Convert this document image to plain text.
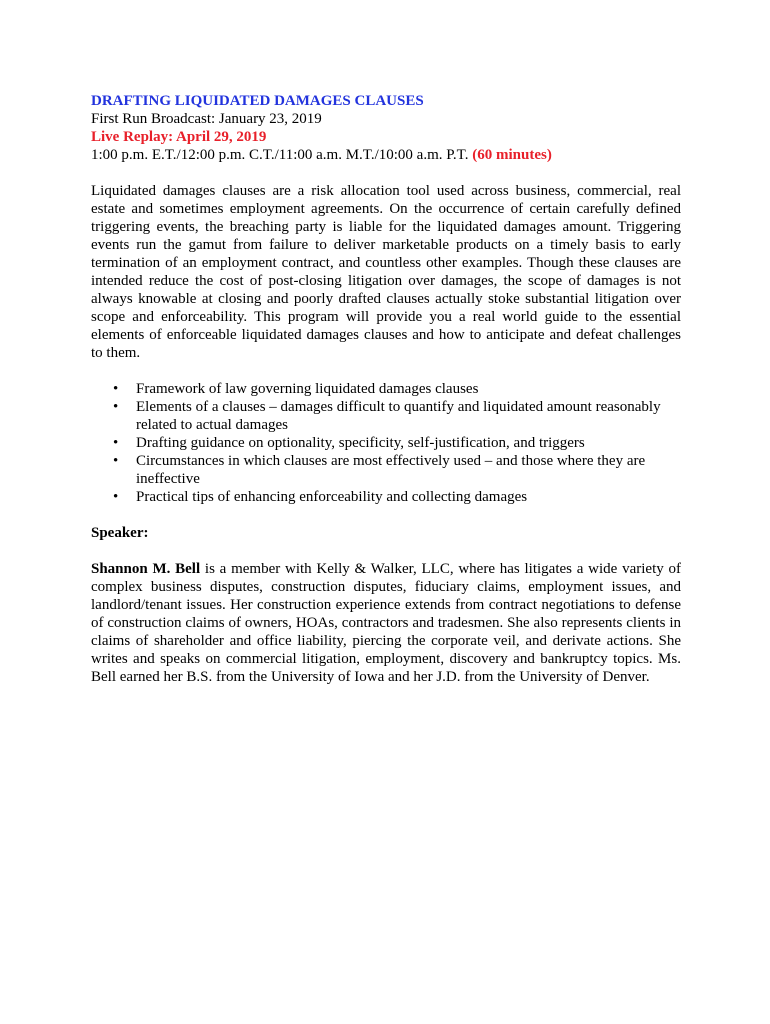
DRAFTING LIQUIDATED DAMAGES CLAUSES

First Run Broadcast: January 23, 2019

Live Replay: April 29, 2019

1:00 p.m. E.T./12:00 p.m. C.T./11:00 a.m. M.T./10:00 a.m. P.T. (60 minutes)

Liquidated damages clauses are a risk allocation tool used across business, commercial, real estate and sometimes employment agreements. On the occurrence of certain carefully defined triggering events, the breaching party is liable for the liquidated damages amount. Triggering events run the gamut from failure to deliver marketable products on a timely basis to early termination of an employment contract, and countless other examples. Though these clauses are intended reduce the cost of post-closing litigation over damages, the scope of damages is not always knowable at closing and poorly drafted clauses actually stoke substantial litigation over scope and enforceability. This program will provide you a real world guide to the essential elements of enforceable liquidated damages clauses and how to anticipate and defeat challenges to them.

• Framework of law governing liquidated damages clauses
• Elements of a clauses – damages difficult to quantify and liquidated amount reasonably related to actual damages
• Drafting guidance on optionality, specificity, self-justification, and triggers
• Circumstances in which clauses are most effectively used – and those where they are ineffective
• Practical tips of enhancing enforceability and collecting damages

Speaker:

Shannon M. Bell is a member with Kelly & Walker, LLC, where has litigates a wide variety of complex business disputes, construction disputes, fiduciary claims, employment issues, and landlord/tenant issues. Her construction experience extends from contract negotiations to defense of construction claims of owners, HOAs, contractors and tradesmen. She also represents clients in claims of shareholder and office liability, piercing the corporate veil, and derivate actions. She writes and speaks on commercial litigation, employment, discovery and bankruptcy topics. Ms. Bell earned her B.S. from the University of Iowa and her J.D. from the University of Denver.
